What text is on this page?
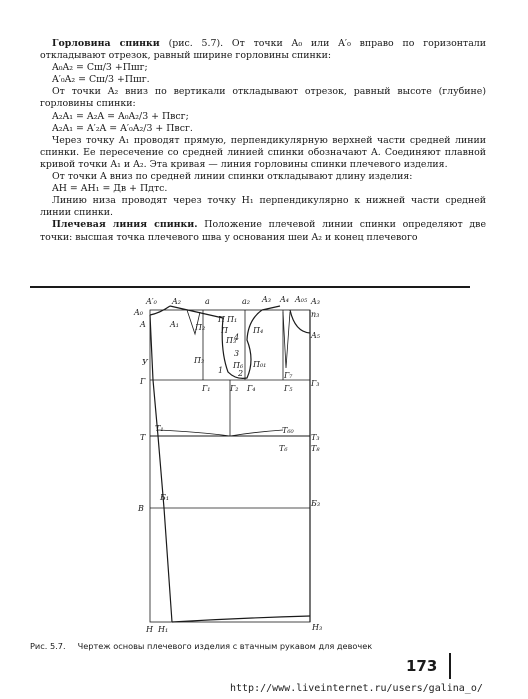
Горловина спинки (рис. 5.7). От точки A₀ или A′₀ вправо по горизонтали откладывают отрезок, равный ширине горловины спинки:

A₀A₂ = Cш/3 +Пшг;

A′₀A₂ = Cш/3 +Пшг.

От точки A₂ вниз по вертикали откладывают отрезок, равный высоте (глубине) горловины спинки:

A₂A₁ = A₂A = A₀A₂/3 + Пвсг;

A₂A₁ = A′₂A = A′₀A₂/3 + Пвсг.

Через точку A₁ проводят прямую, перпендикулярную верхней части средней линии спинки. Ее пересечение со средней линией спинки обозначают A. Соединяют плавной кривой точки A₁ и A₂. Эта кривая — линия горловины спинки плечевого изделия.

От точки A вниз по средней линии спинки откладывают длину изделия:

AH = AH₁ = Дв + Пдтс.

Линию низа проводят через точку H₁ перпендикулярно к нижней части средней линии спинки.

Плечевая линия спинки. Положение плечевой линии спинки определяют две точки: высшая точка плечевого шва у основания шеи A₂ и конец плечевого

A′₀ A₂	a	a₂ A₃ A₄ A₀₅ A₃
A₀
A	A₁ П₂
П П₁
П	П₄
П₃
П₆ П₀₁
n₃
A₅
4
3
2
1
П₃
У
Г
Г₁ Г₂ Г₄	Г₅
Г₃
Г₇
T
T₁	T₆₀
T₃
T₆	T₈
B
Б₁
Б₃
H H₁	H₃
Рис. 5.7. Чертеж основы плечевого изделия с втачным рукавом для девочек
173
http://www.liveinternet.ru/users/galina_o/
